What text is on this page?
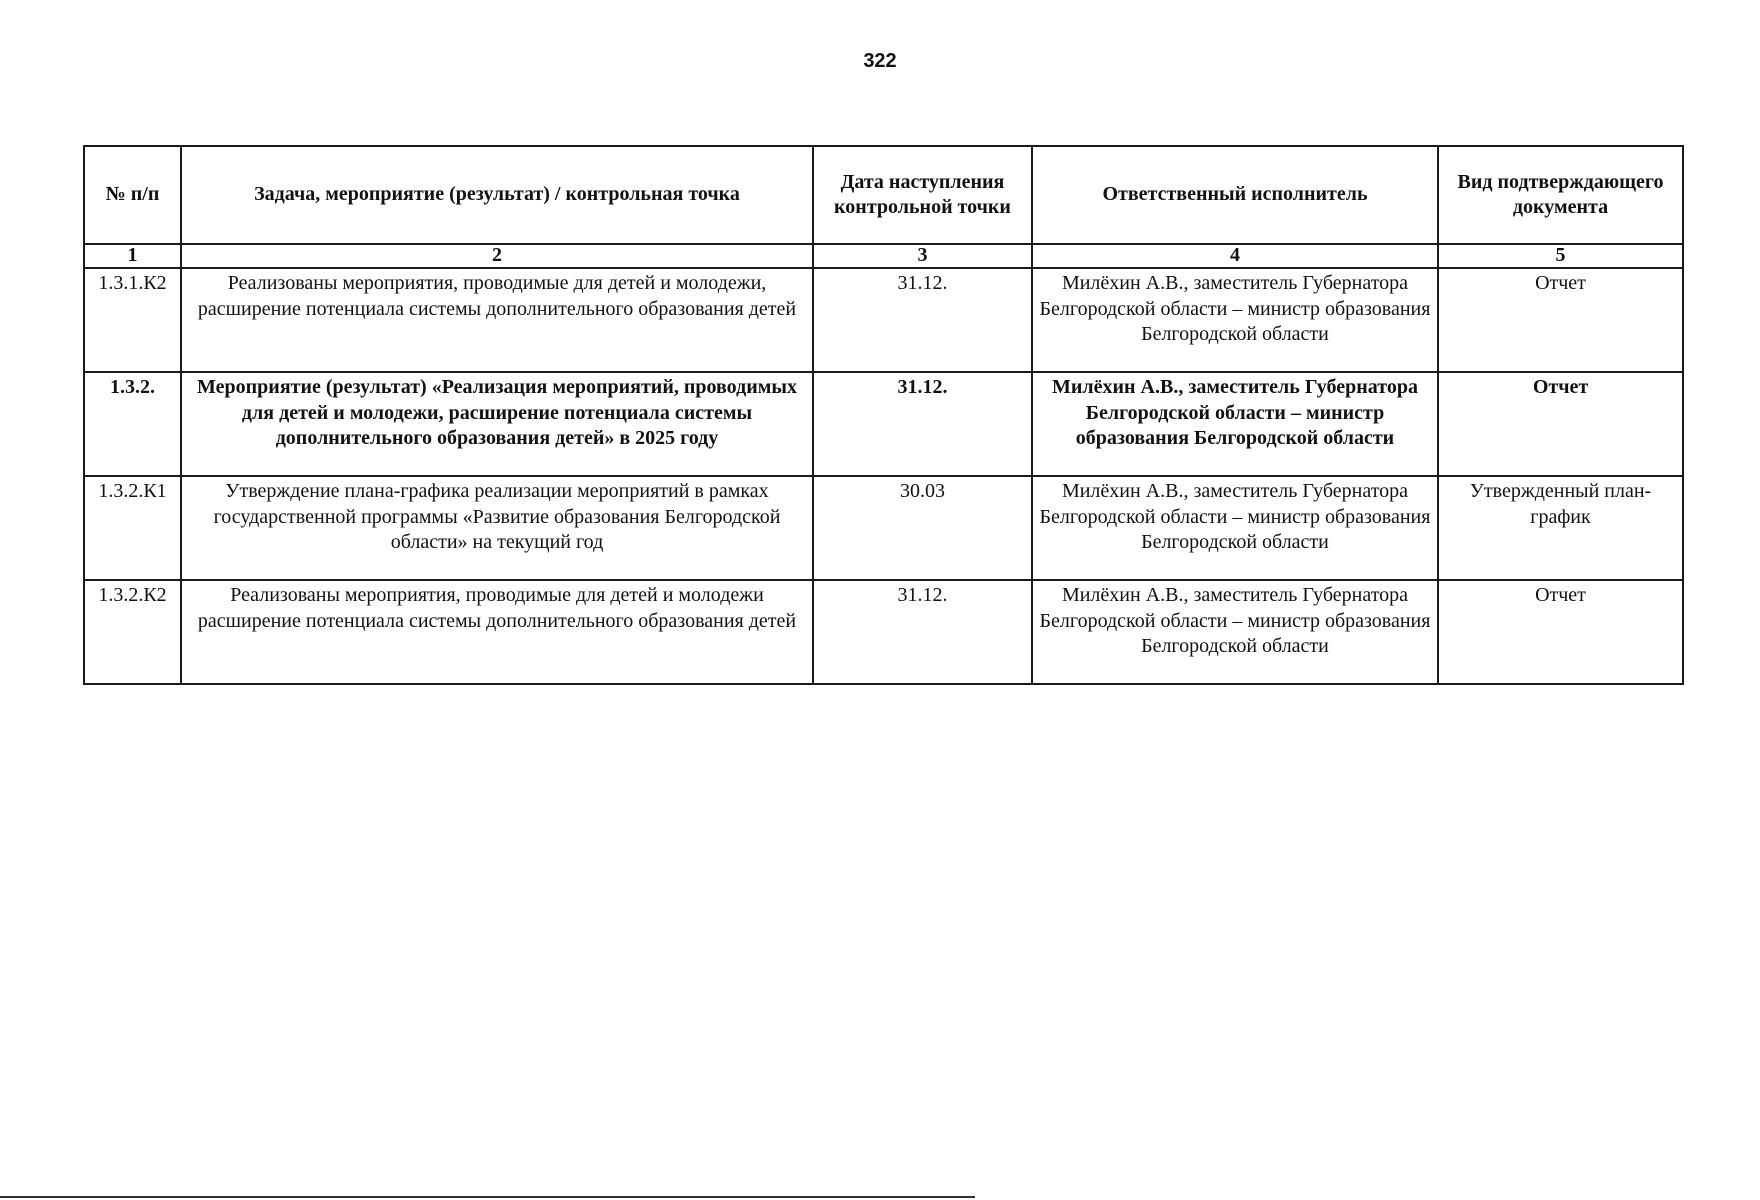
322
№ п/п	Задача, мероприятие (результат) / контрольная точка	Дата наступления контрольной точки	Ответственный исполнитель	Вид подтверждающего документа
1	2	3	4	5
1.3.1.К2	Реализованы мероприятия, проводимые для детей и молодежи, расширение потенциала системы дополнительного образования детей	31.12.	Милёхин А.В., заместитель Губернатора Белгородской области – министр образования Белгородской области	Отчет
1.3.2.	Мероприятие (результат) «Реализация мероприятий, проводимых для детей и молодежи, расширение потенциала системы дополнительного образования детей» в 2025 году	31.12.	Милёхин А.В., заместитель Губернатора Белгородской области – министр образования Белгородской области	Отчет
1.3.2.К1	Утверждение плана-графика реализации мероприятий в рамках государственной программы «Развитие образования Белгородской области» на текущий год	30.03	Милёхин А.В., заместитель Губернатора Белгородской области – министр образования Белгородской области	Утвержденный план-график
1.3.2.К2	Реализованы мероприятия, проводимые для детей и молодежи расширение потенциала системы дополнительного образования детей	31.12.	Милёхин А.В., заместитель Губернатора Белгородской области – министр образования Белгородской области	Отчет
